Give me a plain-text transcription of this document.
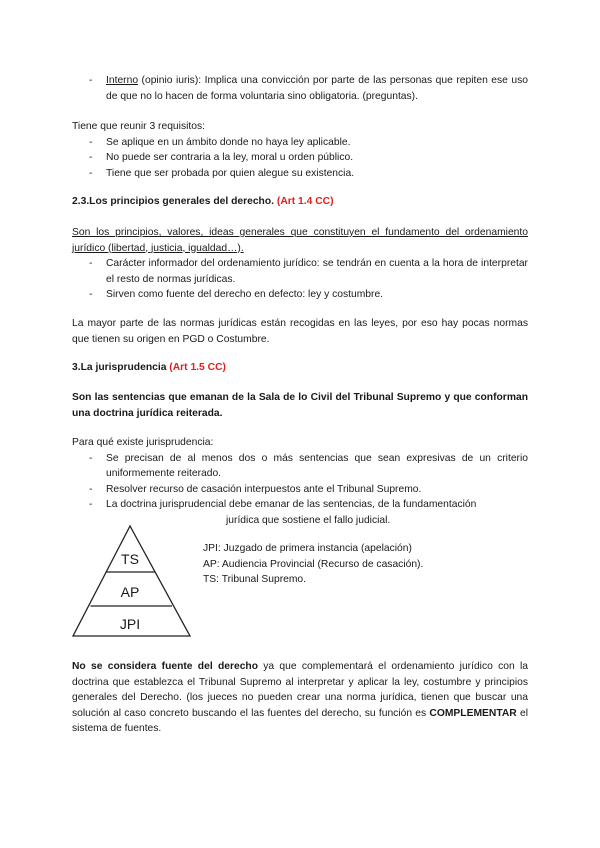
- Interno (opinio iuris): Implica una convicción por parte de las personas que repiten ese uso de que no lo hacen de forma voluntaria sino obligatoria. (preguntas).

Tiene que reunir 3 requisitos:

- Se aplique en un ámbito donde no haya ley aplicable.
- No puede ser contraria a la ley, moral u orden público.
- Tiene que ser probada por quien alegue su existencia.

2.3.Los principios generales del derecho. (Art 1.4 CC)

Son los principios, valores, ideas generales que constituyen el fundamento del ordenamiento jurídico (libertad, justicia, igualdad…).

- Carácter informador del ordenamiento jurídico: se tendrán en cuenta a la hora de interpretar el resto de normas jurídicas.
- Sirven como fuente del derecho en defecto: ley y costumbre.

La mayor parte de las normas jurídicas están recogidas en las leyes, por eso hay pocas normas que tienen su origen en PGD o Costumbre.

3.La jurisprudencia (Art 1.5 CC)

Son las sentencias que emanan de la Sala de lo Civil del Tribunal Supremo y que conforman una doctrina jurídica reiterada.

Para qué existe jurisprudencia:

- Se precisan de al menos dos o más sentencias que sean expresivas de un criterio uniformemente reiterado.
- Resolver recurso de casación interpuestos ante el Tribunal Supremo.
- La doctrina jurisprudencial debe emanar de las sentencias, de la fundamentación

jurídica que sostiene el fallo judicial.

TS
AP
JPI

JPI: Juzgado de primera instancia (apelación)

AP: Audiencia Provincial (Recurso de casación).

TS: Tribunal Supremo.

No se considera fuente del derecho ya que complementará el ordenamiento jurídico con la doctrina que establezca el Tribunal Supremo al interpretar y aplicar la ley, costumbre y principios generales del Derecho. (los jueces no pueden crear una norma jurídica, tienen que buscar una solución al caso concreto buscando el las fuentes del derecho, su función es COMPLEMENTAR el sistema de fuentes.
